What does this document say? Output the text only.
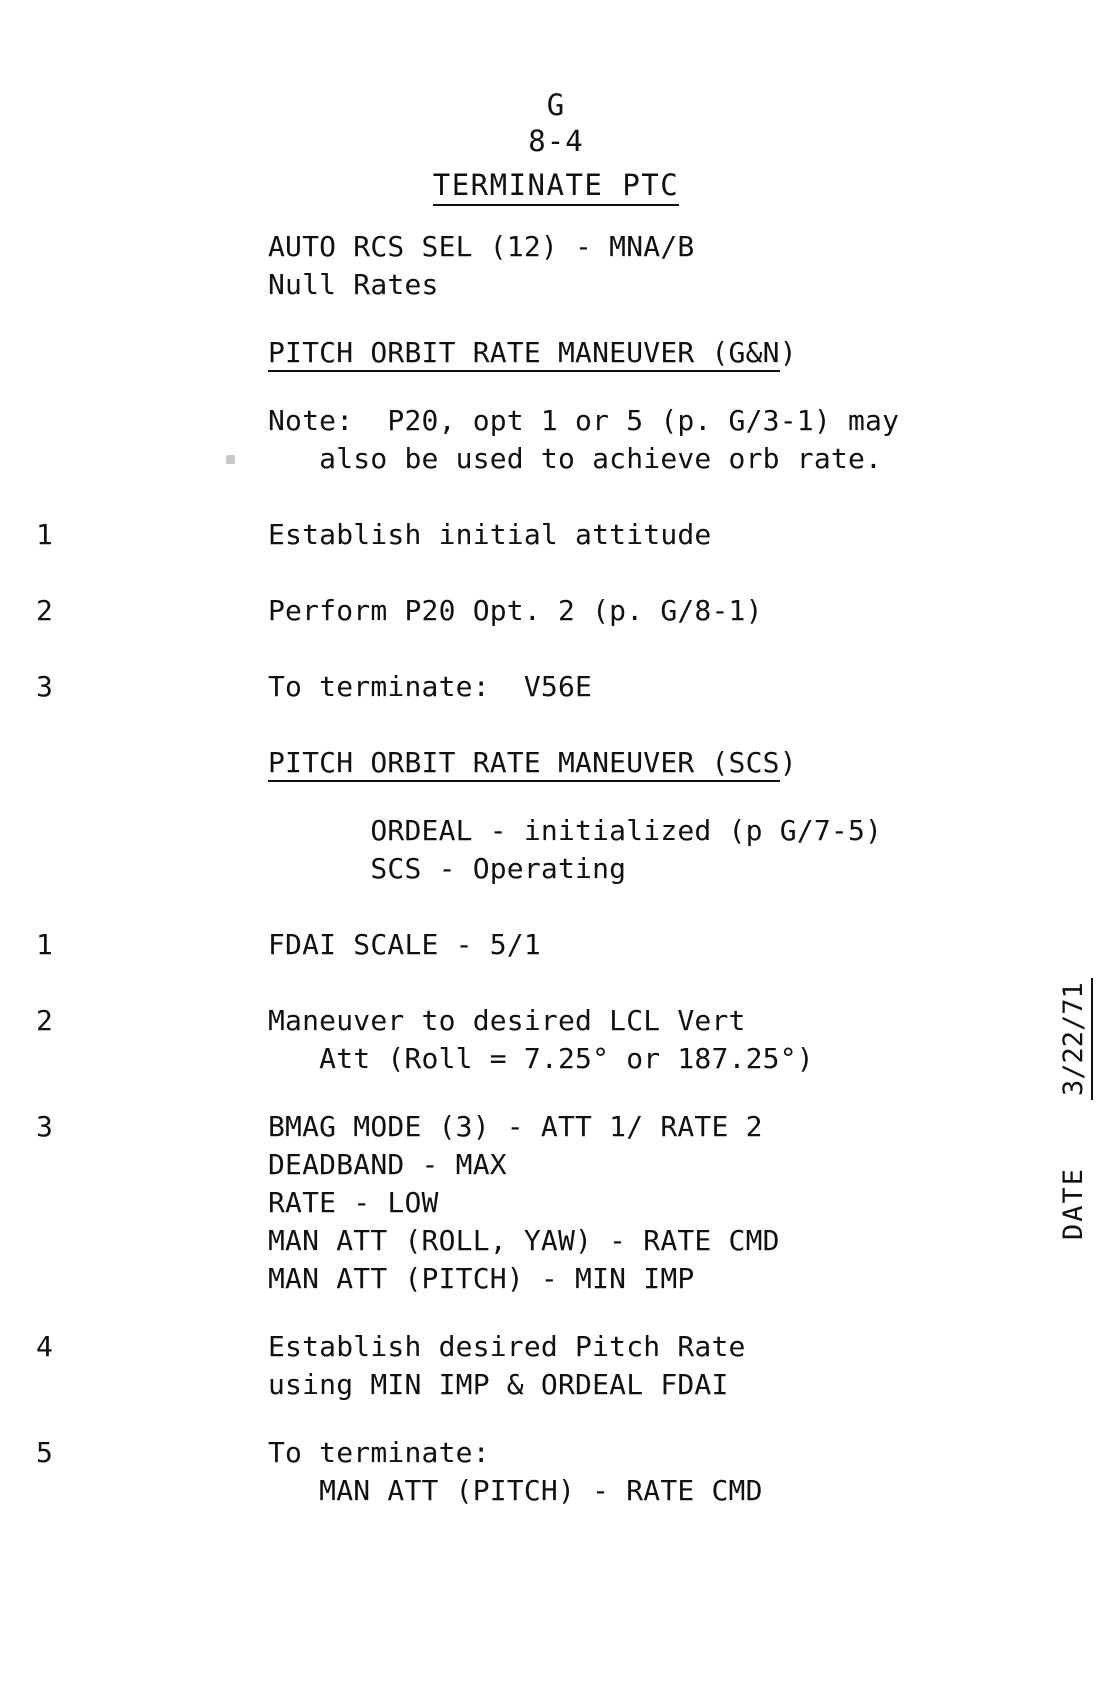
G
8-4
TERMINATE PTC
AUTO RCS SEL (12) - MNA/B
Null Rates
PITCH ORBIT RATE MANEUVER (G&N)
Note:  P20, opt 1 or 5 (p. G/3-1) may
also be used to achieve orb rate.
1	Establish initial attitude
2	Perform P20 Opt. 2 (p. G/8-1)
3	To terminate:  V56E
PITCH ORBIT RATE MANEUVER (SCS)
ORDEAL - initialized (p G/7-5)
SCS - Operating
1	FDAI SCALE - 5/1
2	Maneuver to desired LCL Vert
Att (Roll = 7.25° or 187.25°)
3	BMAG MODE (3) - ATT 1/ RATE 2
DEADBAND - MAX
RATE - LOW
MAN ATT (ROLL, YAW) - RATE CMD
MAN ATT (PITCH) - MIN IMP
4	Establish desired Pitch Rate
using MIN IMP & ORDEAL FDAI
5	To terminate:
MAN ATT (PITCH) - RATE CMD
3/22/71
DATE
